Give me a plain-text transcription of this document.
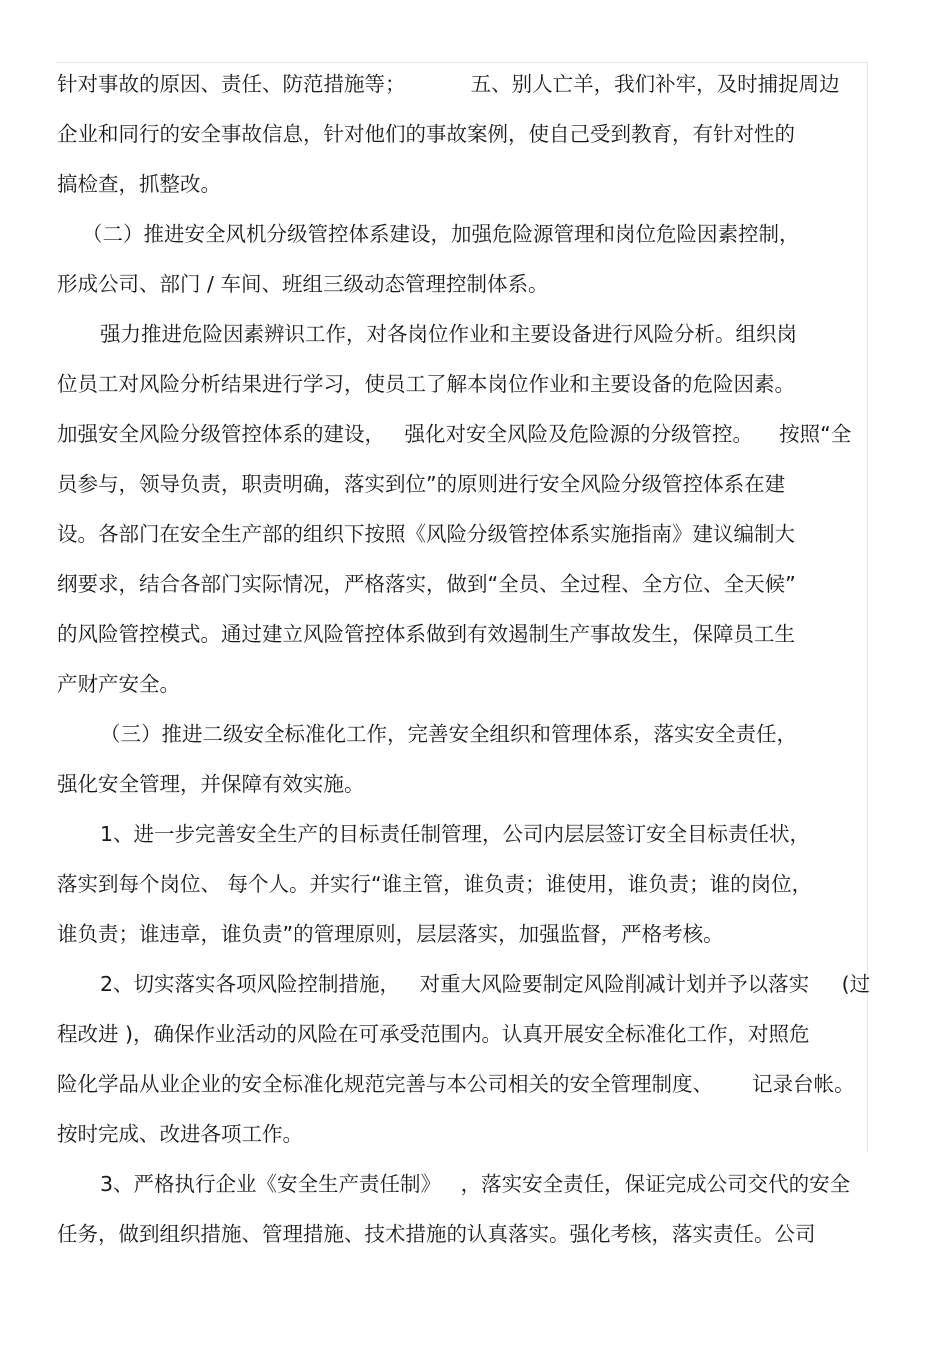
针对事故的原因、责任、防范措施等；          五、别人亡羊，我们补牢，及时捕捉周边
企业和同行的安全事故信息，针对他们的事故案例，使自己受到教育，有针对性的
搞检查，抓整改。
（二）推进安全风机分级管控体系建设，加强危险源管理和岗位危险因素控制，
形成公司、部门 / 车间、班组三级动态管理控制体系。
强力推进危险因素辨识工作，对各岗位作业和主要设备进行风险分析。组织岗
位员工对风险分析结果进行学习，使员工了解本岗位作业和主要设备的危险因素。
加强安全风险分级管控体系的建设，   强化对安全风险及危险源的分级管控。    按照“全
员参与，领导负责，职责明确，落实到位”的原则进行安全风险分级管控体系在建
设。各部门在安全生产部的组织下按照《风险分级管控体系实施指南》建议编制大
纲要求，结合各部门实际情况，严格落实，做到“全员、全过程、全方位、全天候”
的风险管控模式。通过建立风险管控体系做到有效遏制生产事故发生，保障员工生
产财产安全。
（三）推进二级安全标准化工作，完善安全组织和管理体系，落实安全责任，
强化安全管理，并保障有效实施。
1、进一步完善安全生产的目标责任制管理，公司内层层签订安全目标责任状，
落实到每个岗位、 每个人。并实行“谁主管，谁负责；谁使用，谁负责；谁的岗位，
谁负责；谁违章，谁负责”的管理原则，层层落实，加强监督，严格考核。
2、切实落实各项风险控制措施，   对重大风险要制定风险削减计划并予以落实     (过
程改进 )，确保作业活动的风险在可承受范围内。认真开展安全标准化工作，对照危
险化学品从业企业的安全标准化规范完善与本公司相关的安全管理制度、      记录台帐。
按时完成、改进各项工作。
3、严格执行企业《安全生产责任制》   ，落实安全责任，保证完成公司交代的安全
任务，做到组织措施、管理措施、技术措施的认真落实。强化考核，落实责任。公司
